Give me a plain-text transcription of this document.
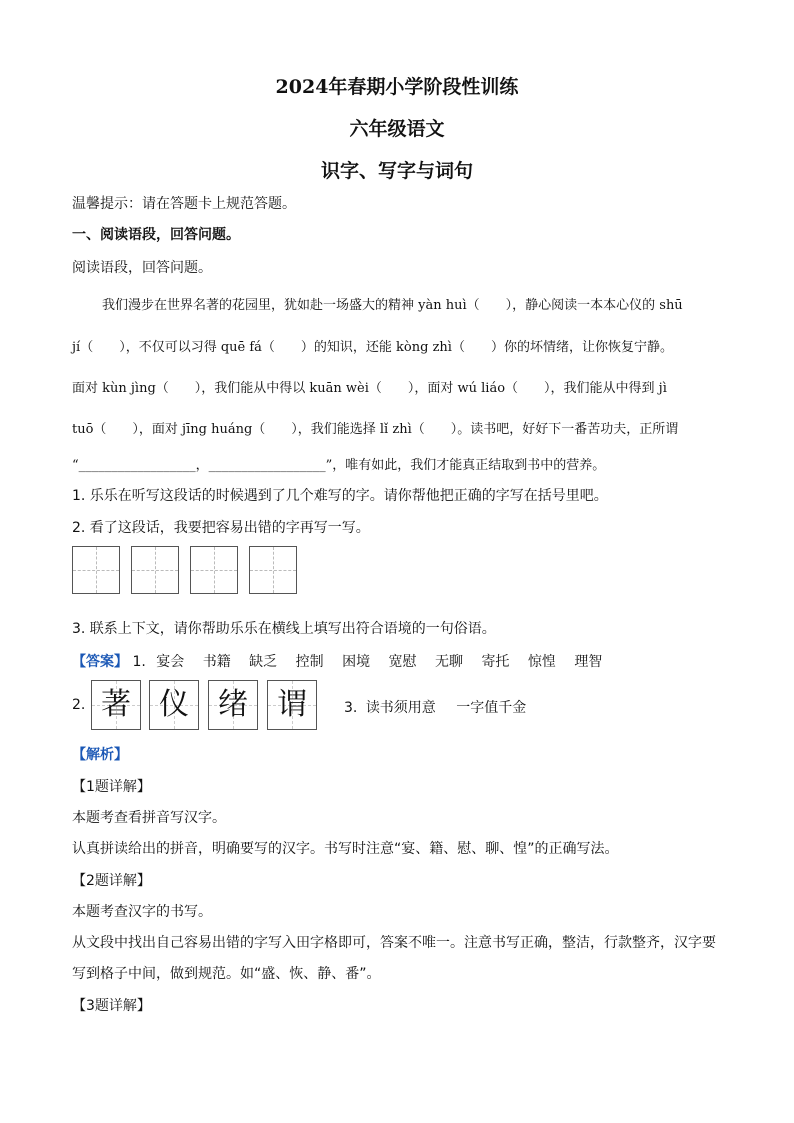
2024年春期小学阶段性训练
六年级语文
识字、写字与词句
温馨提示：请在答题卡上规范答题。
一、阅读语段，回答问题。
阅读语段，回答问题。
我们漫步在世界名著的花园里，犹如赴一场盛大的精神 yàn huì（　　），静心阅读一本本心仪的 shū
jí（　　），不仅可以习得 quē fá（　　）的知识，还能 kòng zhì（　　）你的坏情绪，让你恢复宁静。
面对 kùn jìng（　　），我们能从中得以 kuān wèi（　　），面对 wú liáo（　　），我们能从中得到 jì
tuō（　　），面对 jīng huáng（　　），我们能选择 lǐ zhì（　　）。读书吧，好好下一番苦功夫，正所谓
“__________________，__________________”，唯有如此，我们才能真正结取到书中的营养。
1. 乐乐在听写这段话的时候遇到了几个难写的字。请你帮他把正确的字写在括号里吧。
2. 看了这段话，我要把容易出错的字再写一写。
3. 联系上下文，请你帮助乐乐在横线上填写出符合语境的一句俗语。
【答案】 1. 宴会 书籍 缺乏 控制 困境 宽慰 无聊 寄托 惊惶 理智
2. 著 仪 绪 谓	3. 读书须用意 一字值千金
【解析】
【1题详解】
本题考查看拼音写汉字。
认真拼读给出的拼音，明确要写的汉字。书写时注意“宴、籍、慰、聊、惶”的正确写法。
【2题详解】
本题考查汉字的书写。
从文段中找出自己容易出错的字写入田字格即可，答案不唯一。注意书写正确，整洁，行款整齐，汉字要
写到格子中间，做到规范。如“盛、恢、静、番”。
【3题详解】
